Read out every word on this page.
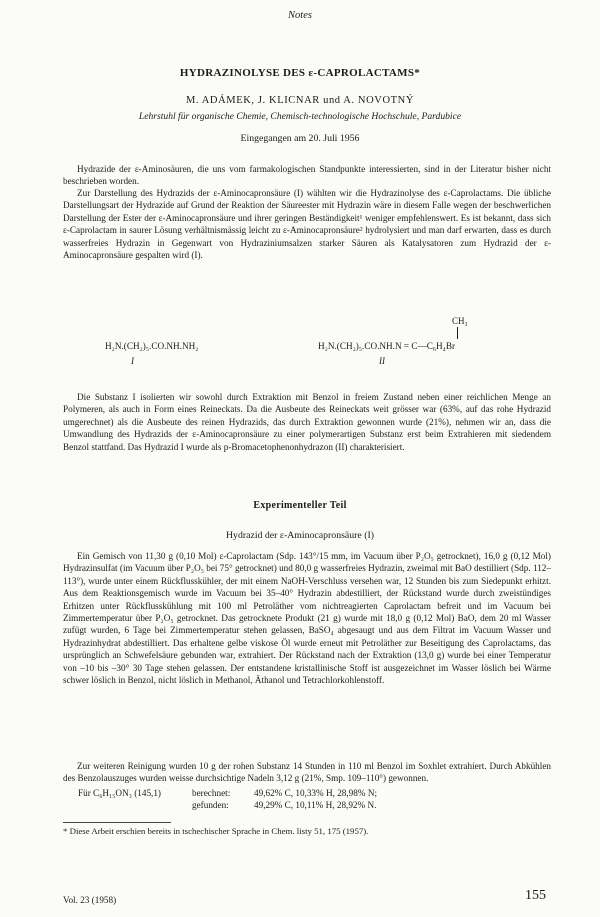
Notes
HYDRAZINOLYSE DES ε-CAPROLACTAMS*
M. ADÁMEK, J. KLICNAR und A. NOVOTNÝ
Lehrstuhl für organische Chemie, Chemisch-technologische Hochschule, Pardubice
Eingegangen am 20. Juli 1956

Hydrazide der ε-Aminosäuren, die uns vom farmakologischen Standpunkte interessierten, sind in der Literatur bisher nicht beschrieben worden.

Zur Darstellung des Hydrazids der ε-Aminocapronsäure (I) wählten wir die Hydrazinolyse des ε-Caprolactams. Die übliche Darstellungsart der Hydrazide auf Grund der Reaktion der Säureester mit Hydrazin wäre in diesem Falle wegen der beschwerlichen Darstellung der Ester der ε-Aminocapronsäure und ihrer geringen Beständigkeit¹ weniger empfehlenswert. Es ist bekannt, dass sich ε-Caprolactam in saurer Lösung verhältnismässig leicht zu ε-Aminocapronsäure² hydrolysiert und man darf erwarten, dass es durch wasserfreies Hydrazin in Gegenwart von Hydraziniumsalzen starker Säuren als Katalysatoren zum Hydrazid der ε-Aminocapronsäure gespalten wird (I).

H₂N.(CH₂)₅.CO.NH.NH₂
I
CH₃
H₂N.(CH₂)₅.CO.NH.N = C—C₆H₄Br
II

Die Substanz I isolierten wir sowohl durch Extraktion mit Benzol in freiem Zustand neben einer reichlichen Menge an Polymeren, als auch in Form eines Reineckats. Da die Ausbeute des Reineckats weit grösser war (63%, auf das rohe Hydrazid umgerechnet) als die Ausbeute des reinen Hydrazids, das durch Extraktion gewonnen wurde (21%), nehmen wir an, dass die Umwandlung des Hydrazids der ε-Aminocapronsäure zu einer polymerartigen Substanz erst beim Extrahieren mit siedendem Benzol stattfand. Das Hydrazid I wurde als p-Bromacetophenonhydrazon (II) charakterisiert.

Experimenteller Teil
Hydrazid der ε-Aminocapronsäure (I)

Ein Gemisch von 11,30 g (0,10 Mol) ε-Caprolactam (Sdp. 143°/15 mm, im Vacuum über P₂O₅ getrocknet), 16,0 g (0,12 Mol) Hydrazinsulfat (im Vacuum über P₂O₅ bei 75° getrocknet) und 80,0 g wasserfreies Hydrazin, zweimal mit BaO destilliert (Sdp. 112–113°), wurde unter einem Rückflusskühler, der mit einem NaOH-Verschluss versehen war, 12 Stunden bis zum Siedepunkt erhitzt. Aus dem Reaktionsgemisch wurde im Vacuum bei 35–40° Hydrazin abdestilliert, der Rückstand wurde durch zweistündiges Erhitzen unter Rückflusskühlung mit 100 ml Petroläther vom nichtreagierten Caprolactam befreit und im Vacuum bei Zimmertemperatur über P₂O₅ getrocknet. Das getrocknete Produkt (21 g) wurde mit 18,0 g (0,12 Mol) BaO, dem 20 ml Wasser zufügt wurden, 6 Tage bei Zimmertemperatur stehen gelassen, BaSO₄ abgesaugt und aus dem Filtrat im Vacuum Wasser und Hydrazinhydrat abdestilliert. Das erhaltene gelbe viskose Öl wurde erneut mit Petroläther zur Beseitigung des Caprolactams, das ursprünglich an Schwefelsäure gebunden war, extrahiert. Der Rückstand nach der Extraktion (13,0 g) wurde bei einer Temperatur von –10 bis –30° 30 Tage stehen gelassen. Der entstandene kristallinische Stoff ist ausgezeichnet im Wasser löslich bei Wärme schwer löslich in Benzol, nicht löslich in Methanol, Äthanol und Tetrachlorkohlenstoff.

Zur weiteren Reinigung wurden 10 g der rohen Substanz 14 Stunden in 110 ml Benzol im Soxhlet extrahiert. Durch Abkühlen des Benzolauszuges wurden weisse durchsichtige Nadeln 3,12 g (21%, Smp. 109–110°) gewonnen.

Für C₆H₁₅ON₃ (145,1)	berechnet:	49,62% C, 10,33% H, 28,98% N;
gefunden:	49,29% C, 10,11% H, 28,92% N.
* Diese Arbeit erschien bereits in tschechischer Sprache in Chem. listy 51, 175 (1957).
Vol. 23 (1958)	155
